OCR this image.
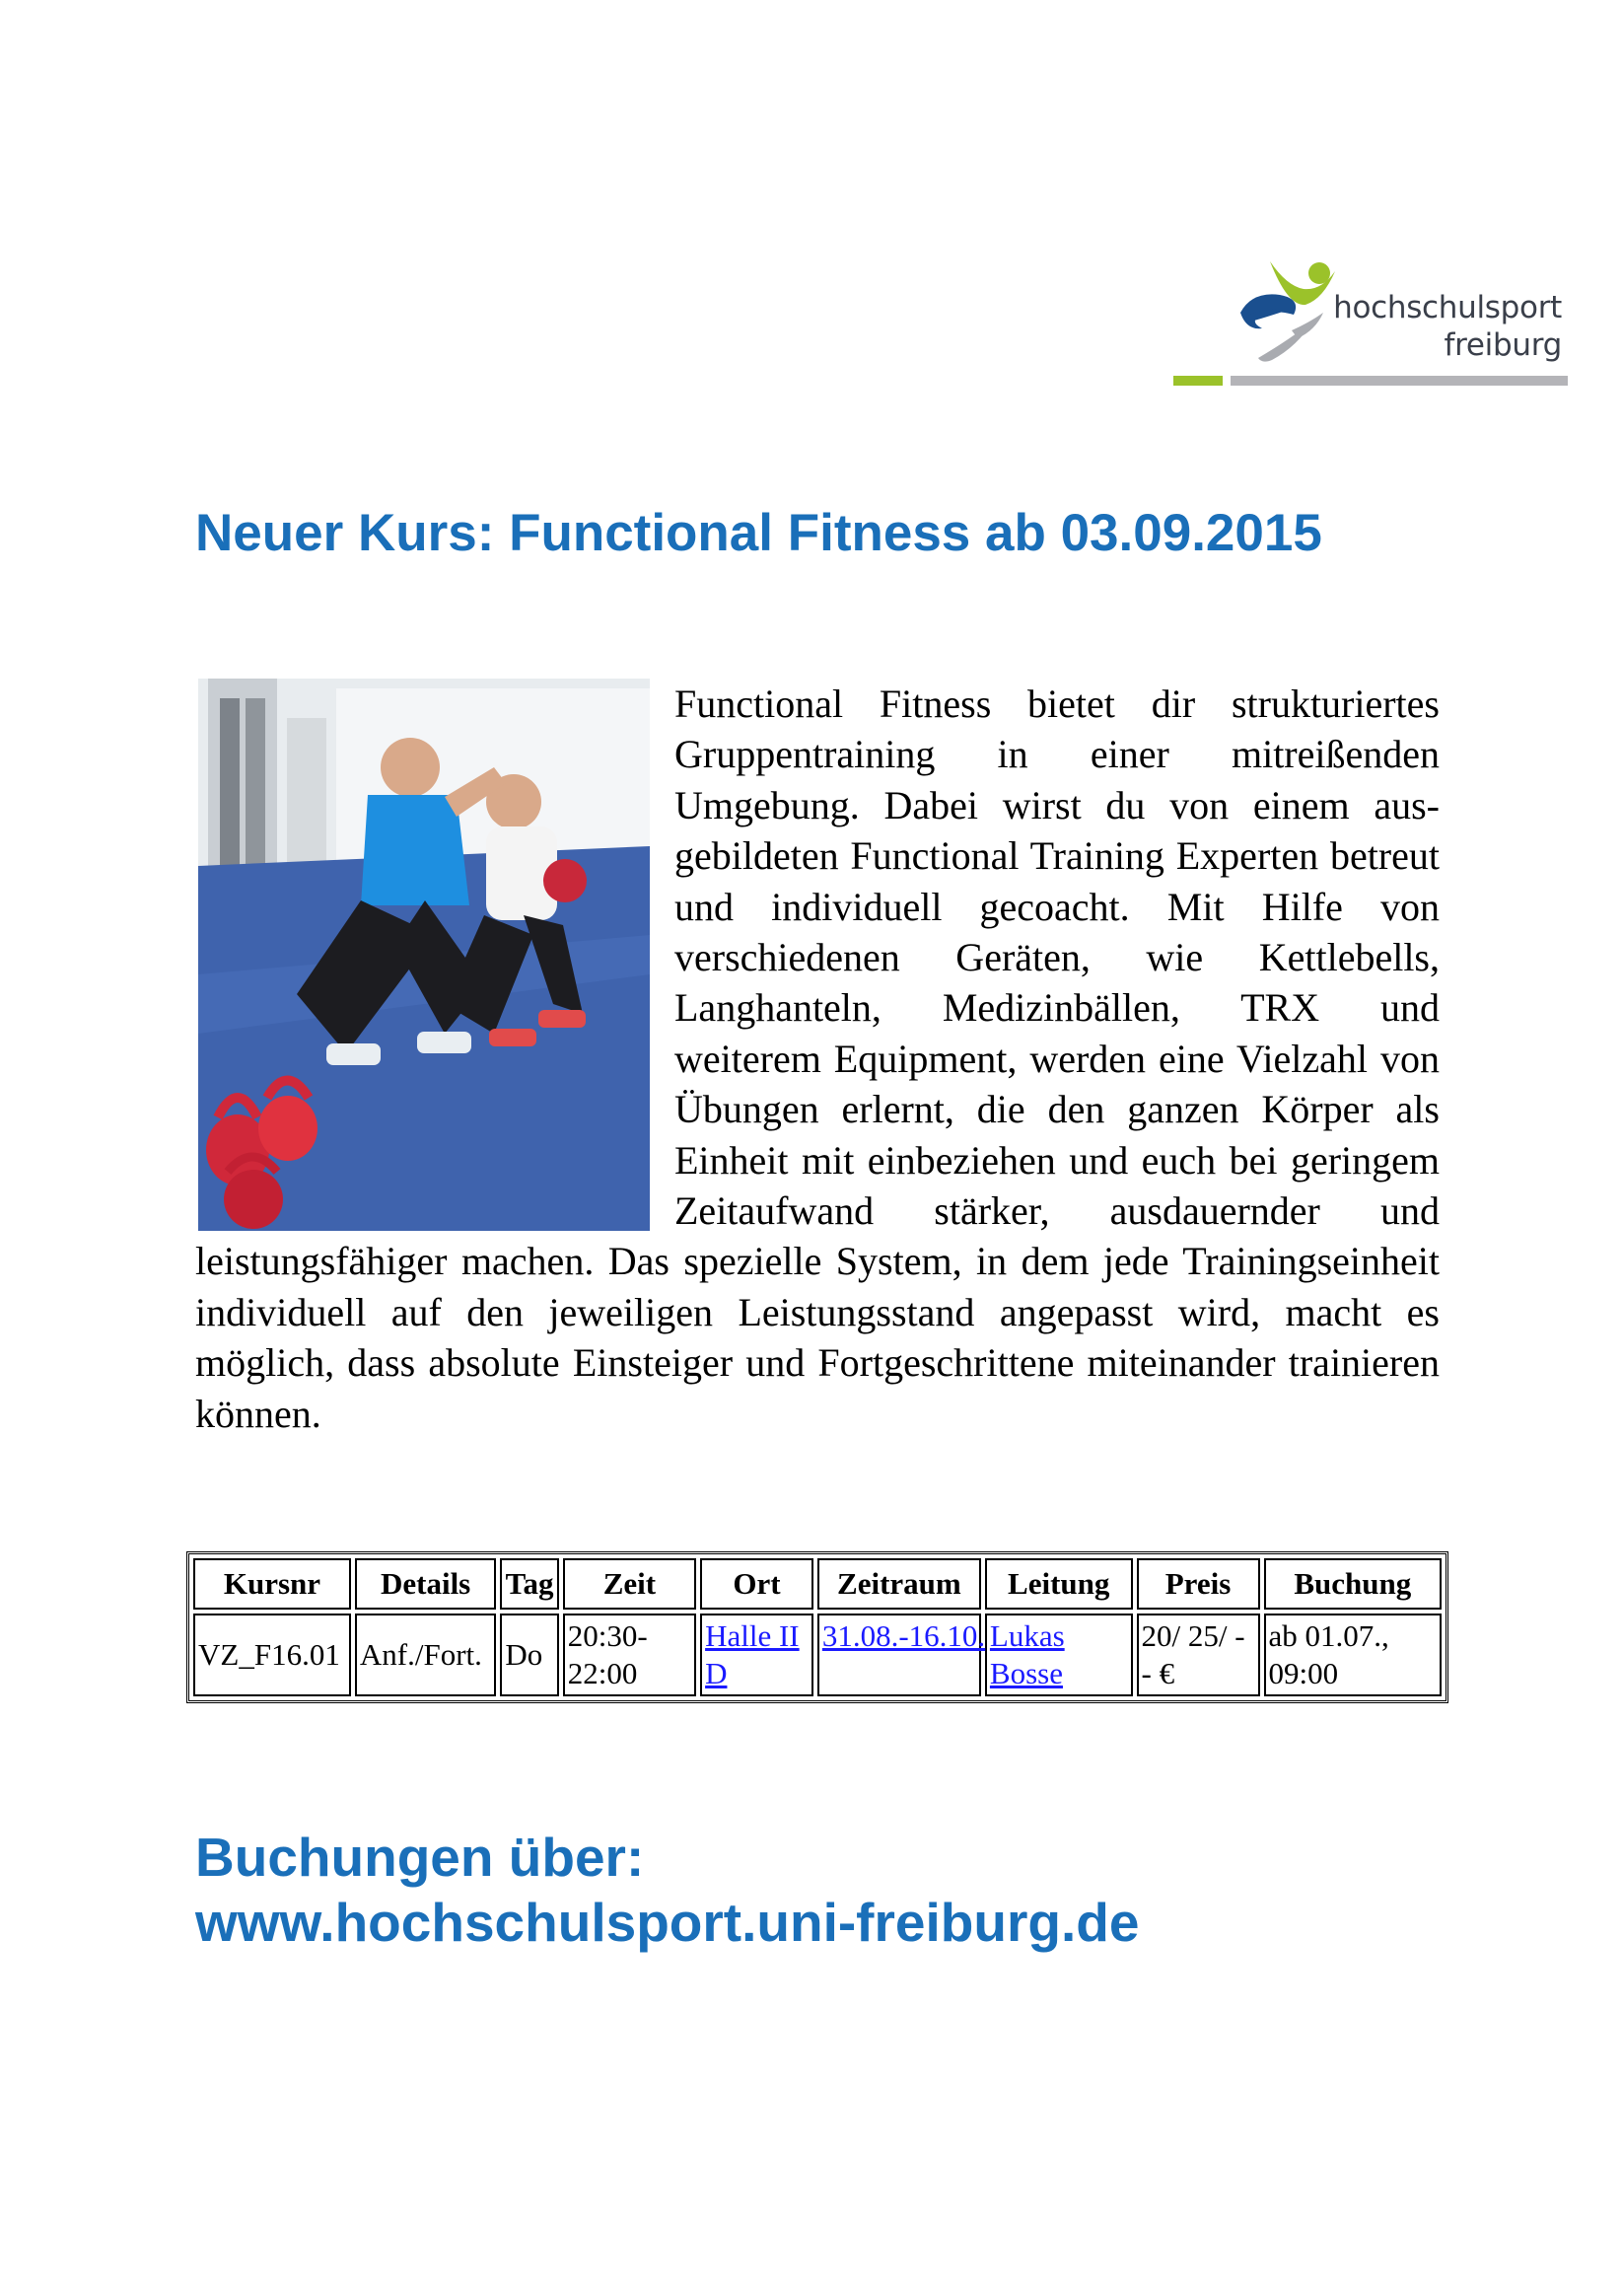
hochschulsport
freiburg
Neuer Kurs: Functional Fitness ab 03.09.2015

Functional Fitness bietet dir strukturiertes Gruppentraining in einer mitreißenden Umgebung. Dabei wirst du von einem ausgebildeten Functional Training Experten betreut und individuell gecoacht. Mit Hilfe von verschiedenen Geräten, wie Kettlebells, Langhanteln, Medizinbällen, TRX und weiterem Equipment, werden eine Vielzahl von Übungen erlernt, die den ganzen Körper als Einheit mit einbeziehen und euch bei geringem Zeitaufwand stärker, ausdauernder und leistungsfähiger machen. Das spezielle System, in dem jede Trainingseinheit individuell auf den jeweiligen Leistungsstand angepasst wird, macht es möglich, dass absolute Einsteiger und Fortgeschrittene miteinander trainieren können.

Kursnr	Details	Tag	Zeit	Ort	Zeitraum	Leitung	Preis	Buchung
VZ_F16.01	Anf./Fort.	Do	20:30-22:00	Halle II D	31.08.-16.10.	Lukas Bosse	20/ 25/ -- €	ab 01.07., 09:00
Buchungen über:
www.hochschulsport.uni-freiburg.de
